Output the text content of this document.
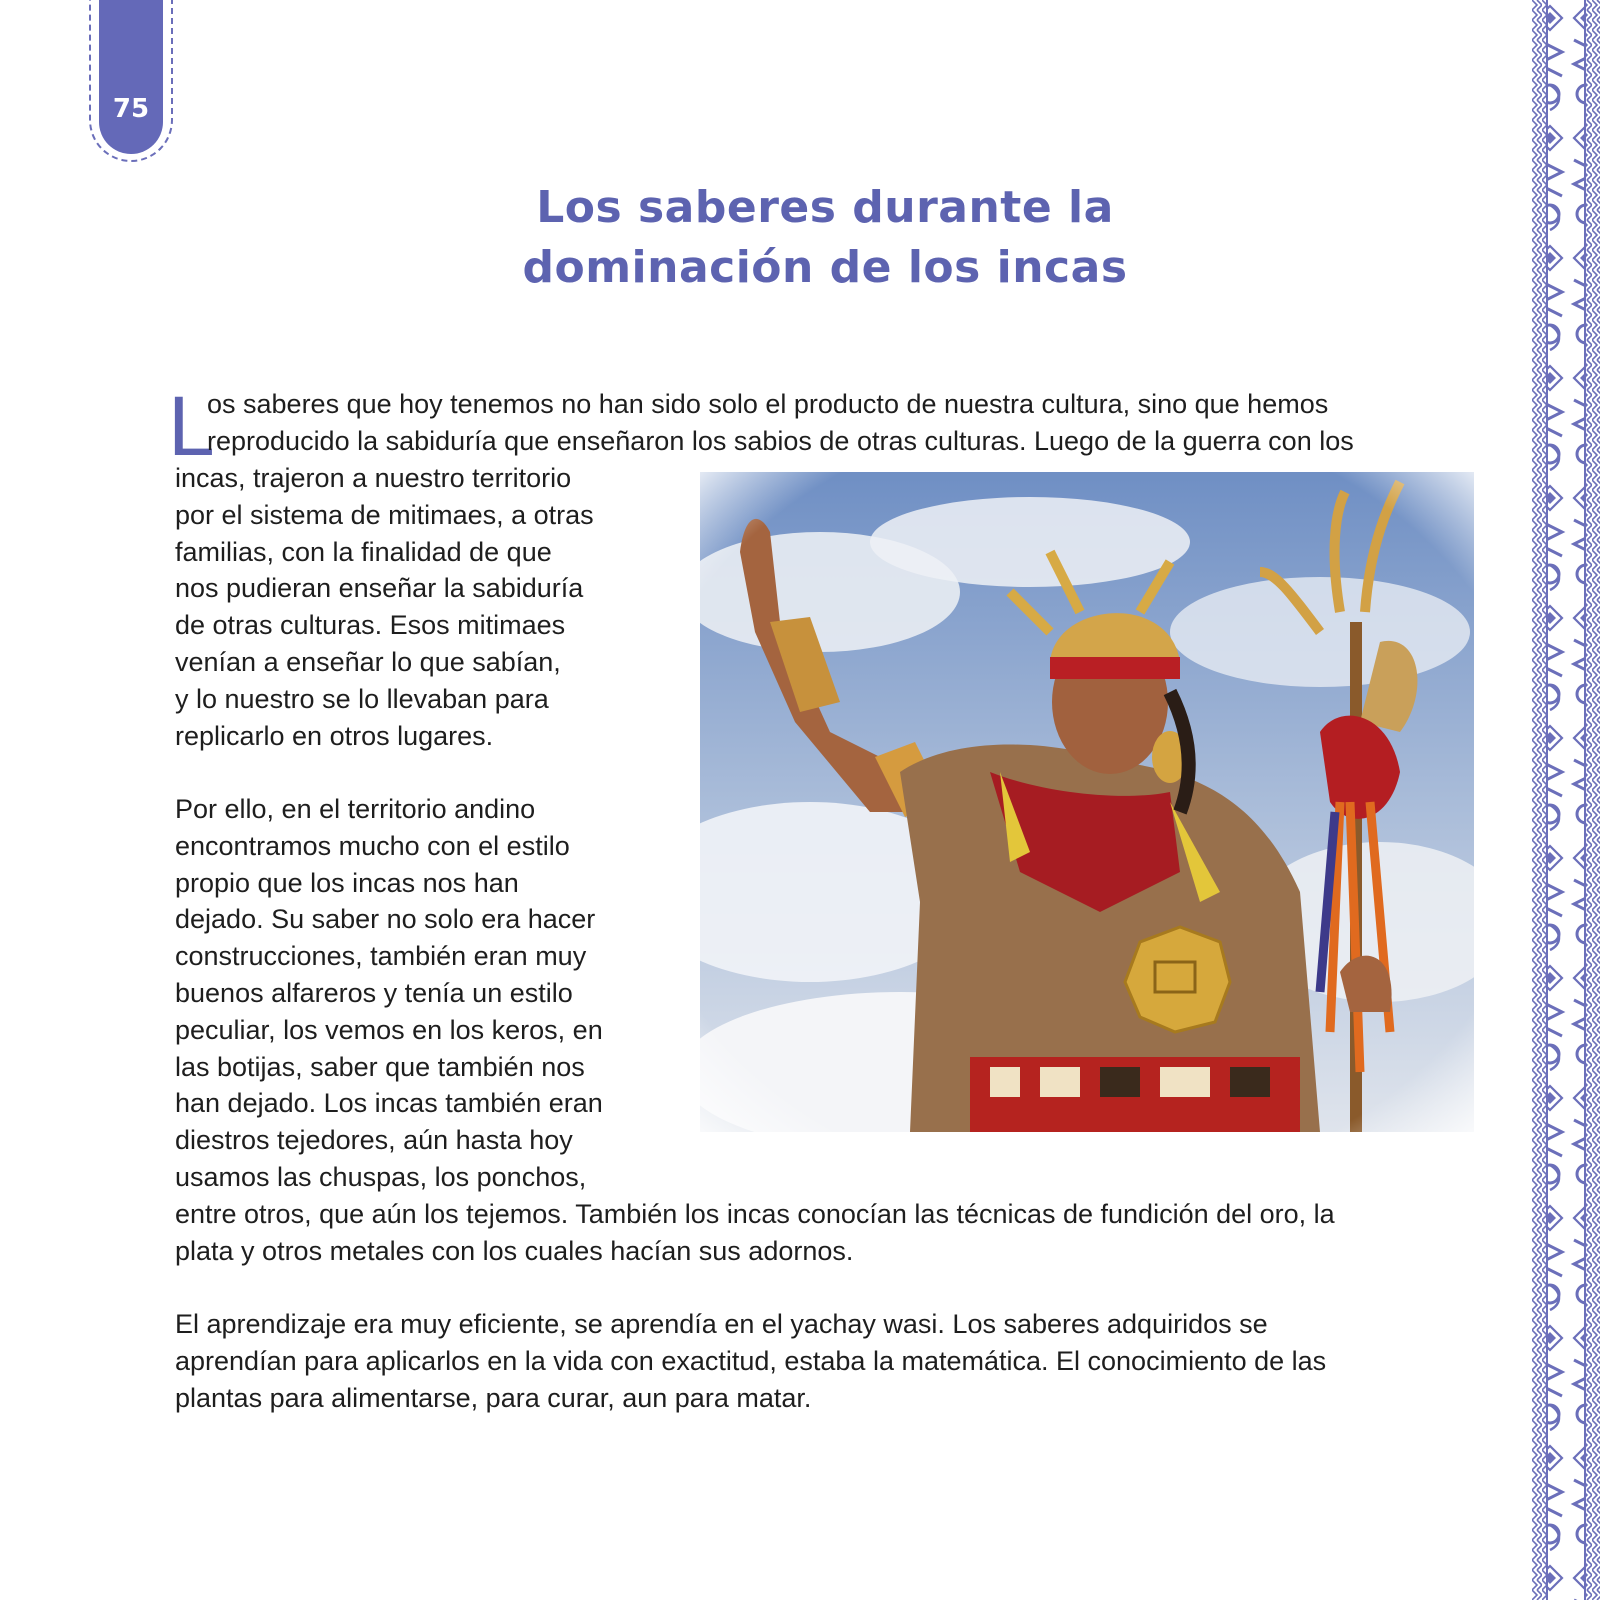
75
Los saberes durante la
dominación de los incas
L
os saberes que hoy tenemos no han sido solo el producto de nuestra cultura, sino que hemos
reproducido la sabiduría que enseñaron los sabios de otras culturas. Luego de la guerra con los
incas, trajeron a nuestro territorio
por el sistema de mitimaes, a otras
familias, con la finalidad de que
nos pudieran enseñar la sabiduría
de otras culturas. Esos mitimaes
venían a enseñar lo que sabían,
y lo nuestro se lo llevaban para
replicarlo en otros lugares.
Por ello, en el territorio andino
encontramos mucho con el estilo
propio que los incas nos han
dejado. Su saber no solo era hacer
construcciones, también eran muy
buenos alfareros y tenía un estilo
peculiar, los vemos en los keros, en
las botijas, saber que también nos
han dejado. Los incas también eran
diestros tejedores, aún hasta hoy
usamos las chuspas, los ponchos,
entre otros, que aún los tejemos. También los incas conocían las técnicas de fundición del oro, la
plata y otros metales con los cuales hacían sus adornos.
El aprendizaje era muy eficiente, se aprendía en el yachay wasi. Los saberes adquiridos se
aprendían para aplicarlos en la vida con exactitud, estaba la matemática. El conocimiento de las
plantas para alimentarse, para curar, aun para matar.
